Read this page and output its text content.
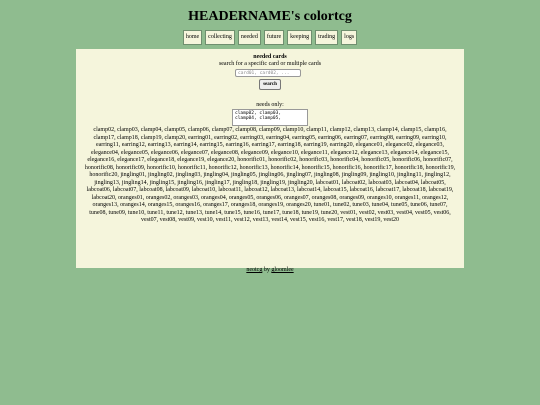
HEADERNAME's colortcg
home	collecting	needed	future	keeping	trading	logs
needed cards
search for a specific card or multiple cards
card01, card02, ...
search
needs only:
clamp02, clamp03, clamp04, clamp05,
clamp02, clamp03, clamp04, clamp05, clamp06, clamp07, clamp08, clamp09, clamp10, clamp11, clamp12, clamp13, clamp14, clamp15, clamp16, clamp17, clamp18, clamp19, clamp20, earring01, earring02, earring03, earring04, earring05, earring06, earring07, earring08, earring09, earring10, earring11, earring12, earring13, earring14, earring15, earring16, earring17, earring18, earring19, earring20, elegance01, elegance02, elegance03, elegance04, elegance05, elegance06, elegance07, elegance08, elegance09, elegance10, elegance11, elegance12, elegance13, elegance14, elegance15, elegance16, elegance17, elegance18, elegance19, elegance20, honorific01, honorific02, honorific03, honorific04, honorific05, honorific06, honorific07, honorific08, honorific09, honorific10, honorific11, honorific12, honorific13, honorific14, honorific15, honorific16, honorific17, honorific18, honorific19, honorific20, jingling01, jingling02, jingling03, jingling04, jingling05, jingling06, jingling07, jingling08, jingling09, jingling10, jingling11, jingling12, jingling13, jingling14, jingling15, jingling16, jingling17, jingling18, jingling19, jingling20, labcoat01, labcoat02, labcoat03, labcoat04, labcoat05, labcoat06, labcoat07, labcoat08, labcoat09, labcoat10, labcoat11, labcoat12, labcoat13, labcoat14, labcoat15, labcoat16, labcoat17, labcoat18, labcoat19, labcoat20, oranges01, oranges02, oranges03, oranges04, oranges05, oranges06, oranges07, oranges08, oranges09, oranges10, oranges11, oranges12, oranges13, oranges14, oranges15, oranges16, oranges17, oranges18, oranges19, oranges20, tune01, tune02, tune03, tune04, tune05, tune06, tune07, tune08, tune09, tune10, tune11, tune12, tune13, tune14, tune15, tune16, tune17, tune18, tune19, tune20, vest01, vest02, vest03, vest04, vest05, vest06, vest07, vest08, vest09, vest10, vest11, vest12, vest13, vest14, vest15, vest16, vest17, vest18, vest19, vest20
neotcg by gloomlee
